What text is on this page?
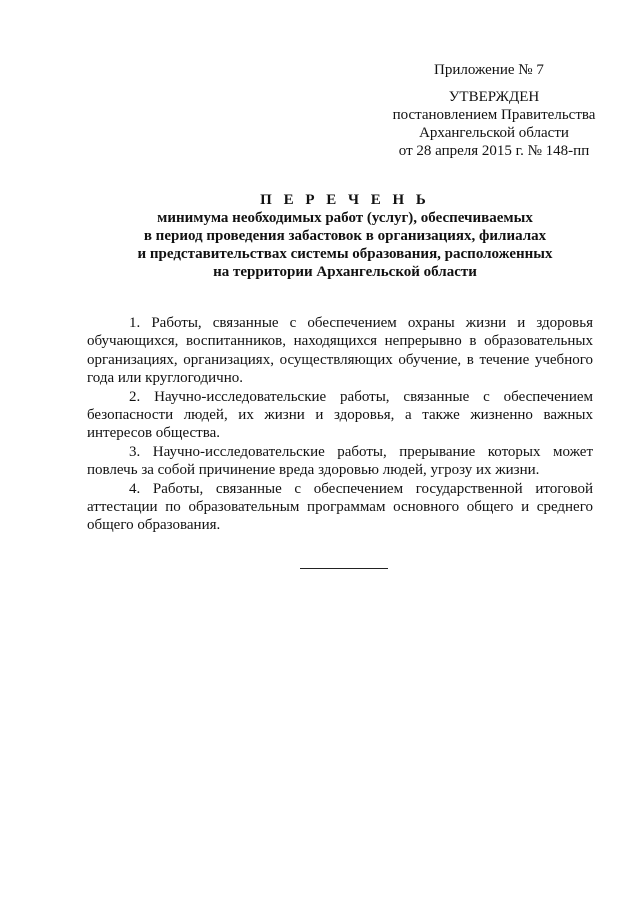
Приложение № 7
УТВЕРЖДЕН
постановлением Правительства
Архангельской области
от 28 апреля 2015 г. № 148-пп
П Е Р Е Ч Е Н Ь
минимума необходимых работ (услуг), обеспечиваемых
в период проведения забастовок в организациях, филиалах
и представительствах системы образования, расположенных
на территории Архангельской области

1. Работы, связанные с обеспечением охраны жизни и здоровья обучающихся, воспитанников, находящихся непрерывно в образовательных организациях, организациях, осуществляющих обучение, в течение учебного года или круглогодично.

2. Научно-исследовательские работы, связанные с обеспечением безопасности людей, их жизни и здоровья, а также жизненно важных интересов общества.

3. Научно-исследовательские работы, прерывание которых может повлечь за собой причинение вреда здоровью людей, угрозу их жизни.

4. Работы, связанные с обеспечением государственной итоговой аттестации по образовательным программам основного общего и среднего общего образования.
